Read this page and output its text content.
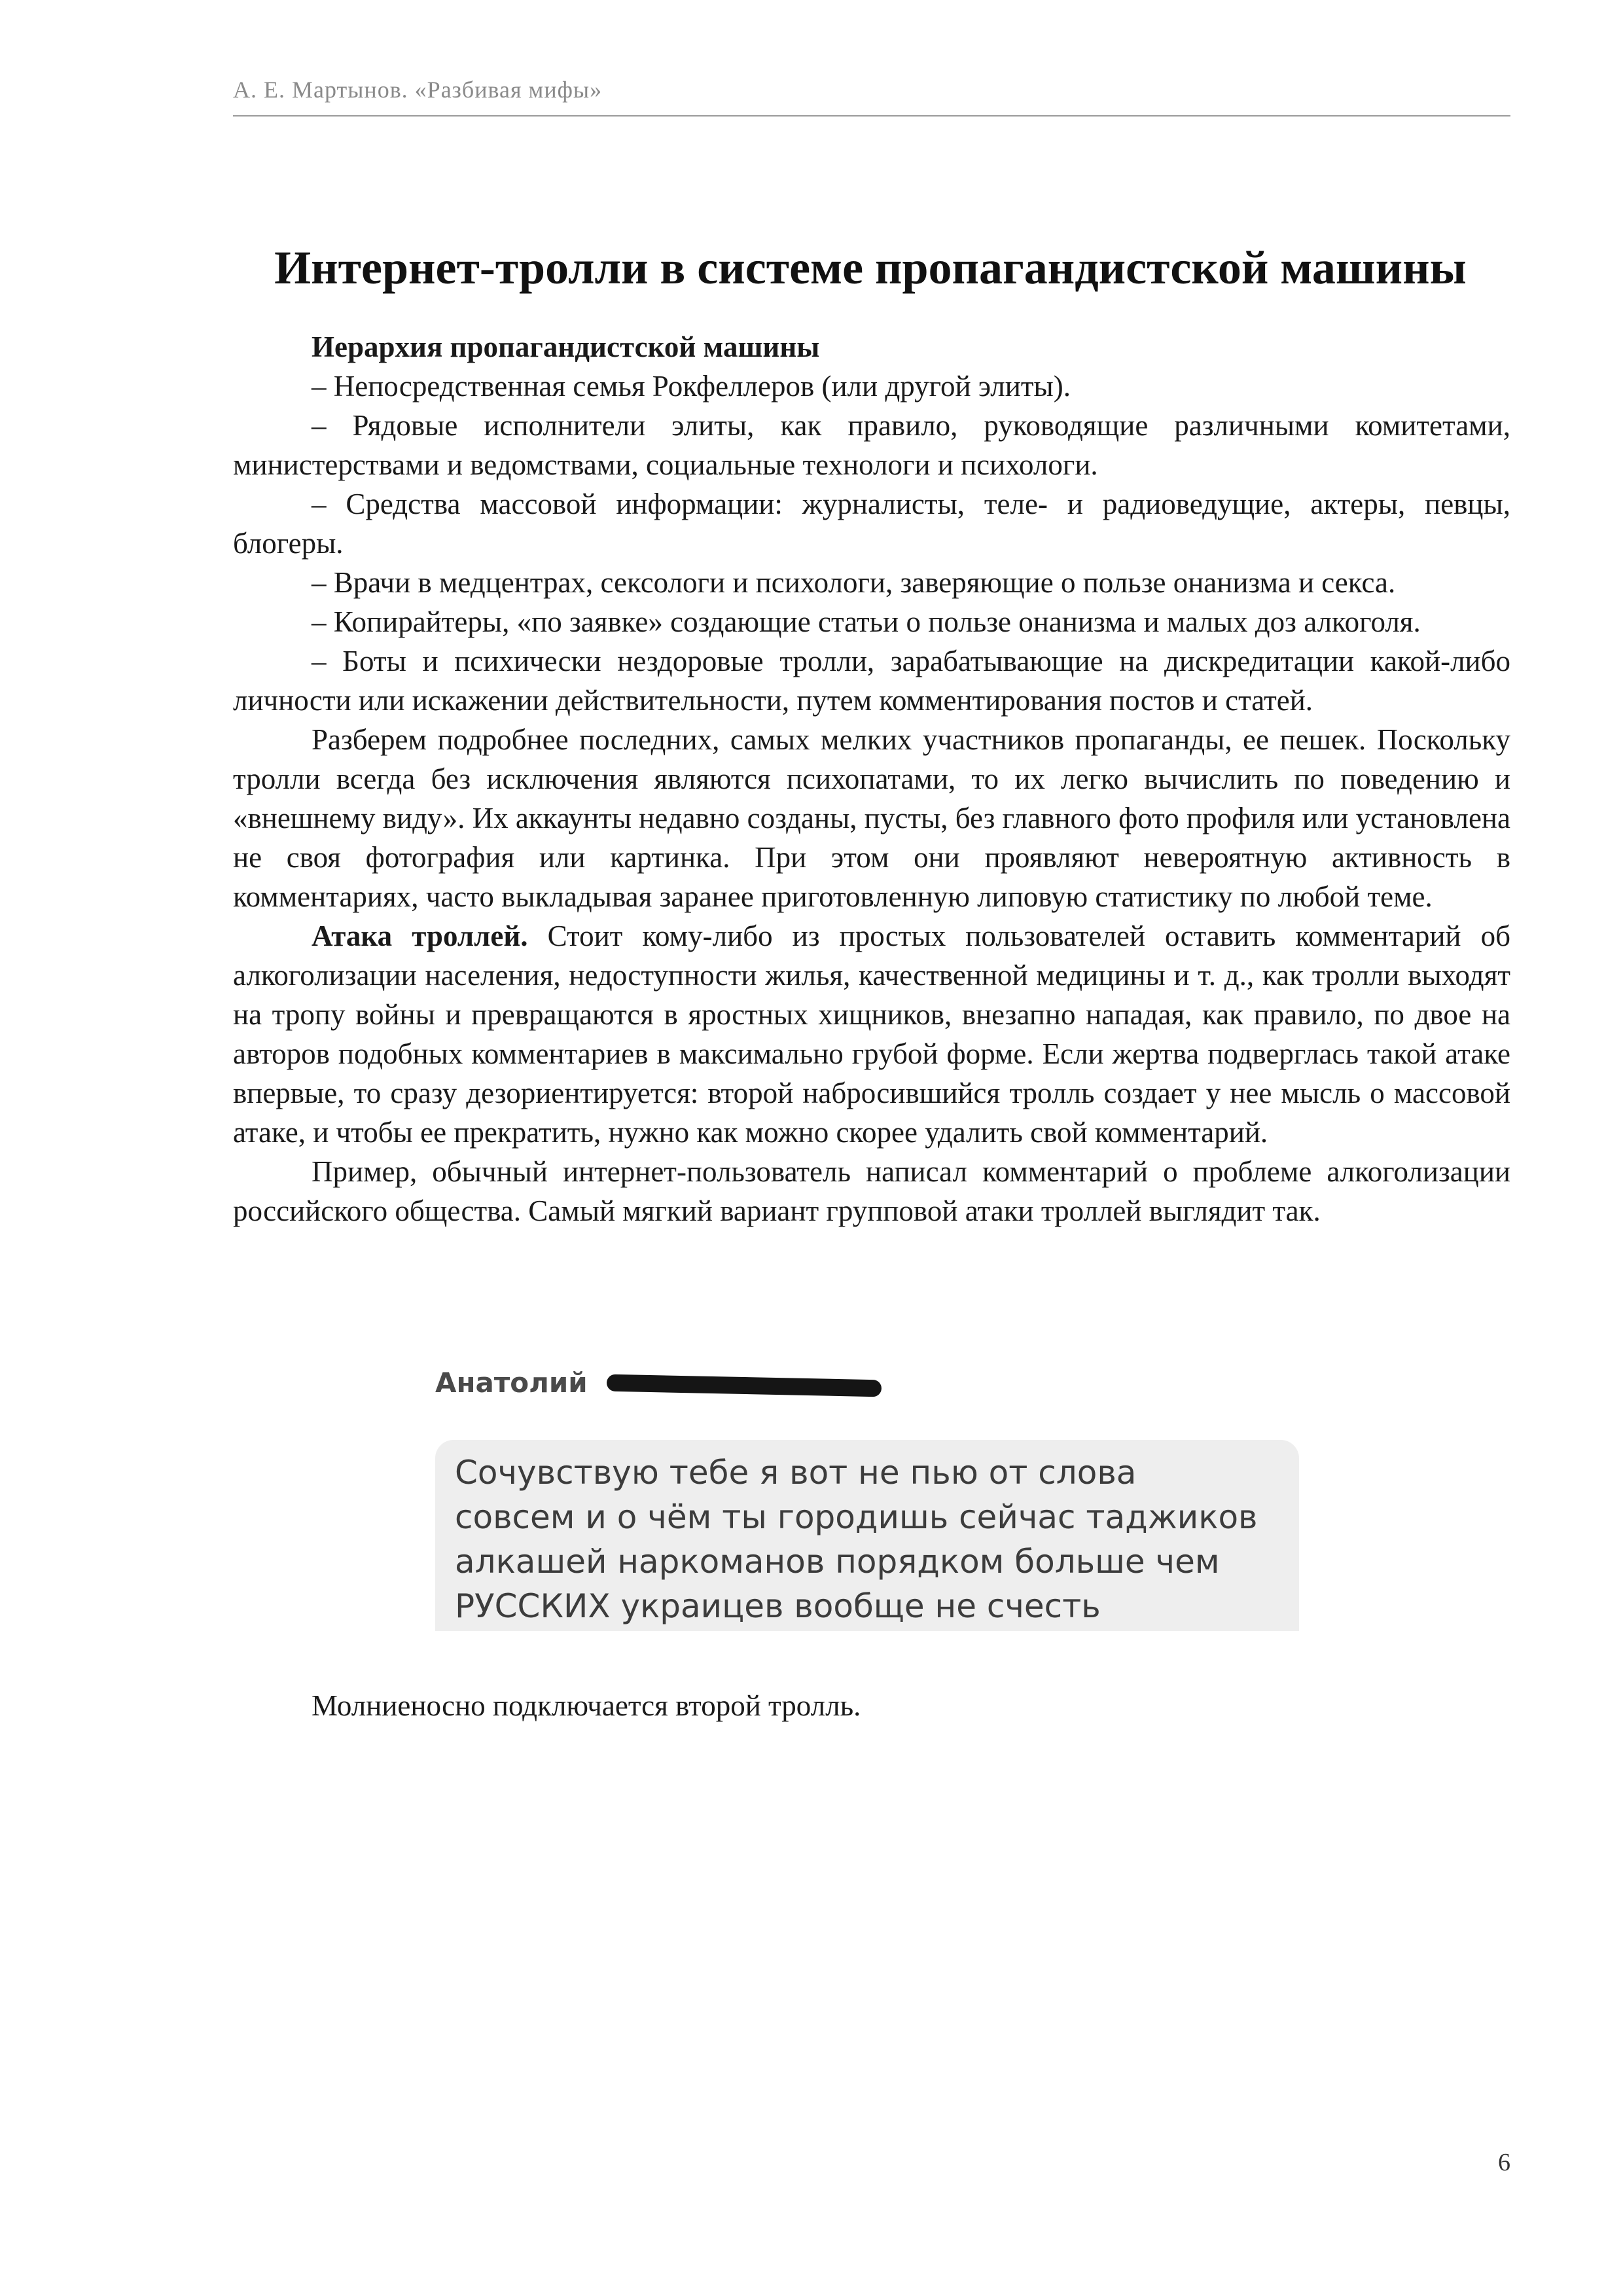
А. Е. Мартынов. «Разбивая мифы»
Интернет-тролли в системе пропагандистской машины

Иерархия пропагандистской машины

– Непосредственная семья Рокфеллеров (или другой элиты).

– Рядовые исполнители элиты, как правило, руководящие различными комитетами, министерствами и ведомствами, социальные технологи и психологи.

– Средства массовой информации: журналисты, теле- и радиоведущие, актеры, певцы, блогеры.

– Врачи в медцентрах, сексологи и психологи, заверяющие о пользе онанизма и секса.

– Копирайтеры, «по заявке» создающие статьи о пользе онанизма и малых доз алкоголя.

– Боты и психически нездоровые тролли, зарабатывающие на дискредитации какой-либо личности или искажении действительности, путем комментирования постов и статей.

Разберем подробнее последних, самых мелких участников пропаганды, ее пешек. Поскольку тролли всегда без исключения являются психопатами, то их легко вычислить по поведению и «внешнему виду». Их аккаунты недавно созданы, пусты, без главного фото профиля или установлена не своя фотография или картинка. При этом они проявляют невероятную активность в комментариях, часто выкладывая заранее приготовленную липовую статистику по любой теме.

Атака троллей. Стоит кому-либо из простых пользователей оставить комментарий об алкоголизации населения, недоступности жилья, качественной медицины и т. д., как тролли выходят на тропу войны и превращаются в яростных хищников, внезапно нападая, как правило, по двое на авторов подобных комментариев в максимально грубой форме. Если жертва подверглась такой атаке впервые, то сразу дезориентируется: второй набросившийся тролль создает у нее мысль о массовой атаке, и чтобы ее прекратить, нужно как можно скорее удалить свой комментарий.

Пример, обычный интернет-пользователь написал комментарий о проблеме алкоголизации российского общества. Самый мягкий вариант групповой атаки троллей выглядит так.

Анатолий
Сочувствую тебе я вот не пью от слова
совсем и о чём ты городишь сейчас таджиков
алкашей наркоманов порядком больше чем
РУССКИХ украицев вообще не счесть
Молниеносно подключается второй тролль.
6
